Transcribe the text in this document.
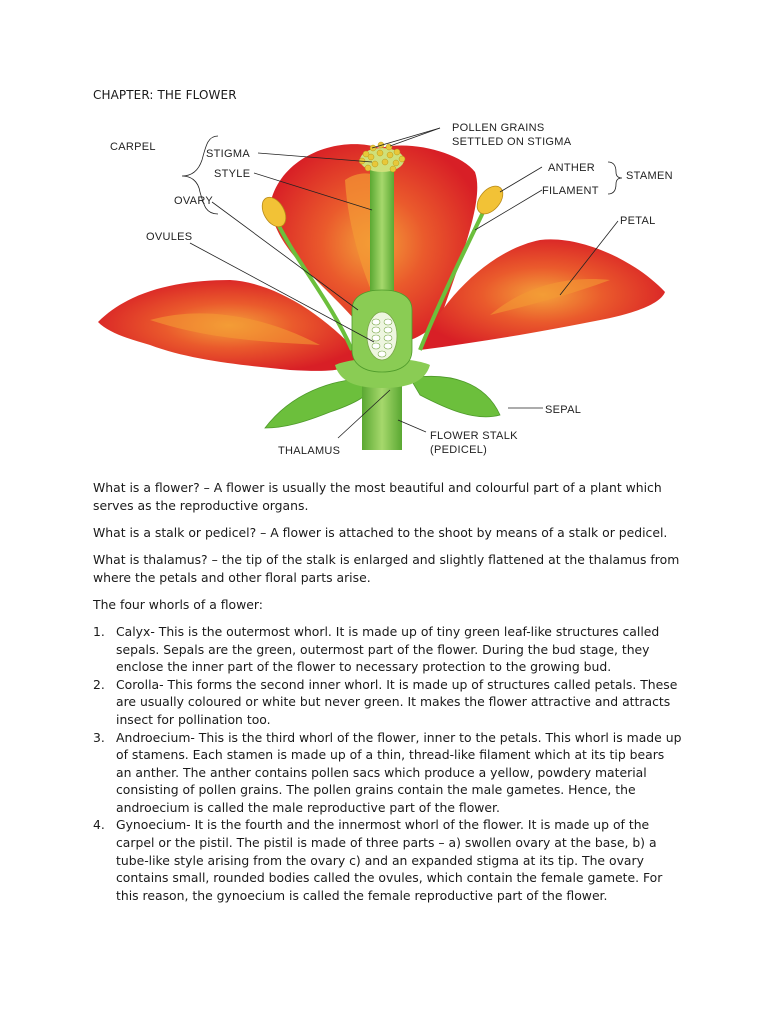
CHAPTER: THE FLOWER
CARPEL
STIGMA
STYLE
OVARY
OVULES
POLLEN GRAINS
SETTLED ON STIGMA
ANTHER
FILAMENT
STAMEN
PETAL
SEPAL
THALAMUS
FLOWER STALK
(PEDICEL)

What is a flower? – A flower is usually the most beautiful and colourful part of a plant which serves as the reproductive organs.

What is a stalk or pedicel? – A flower is attached to the shoot by means of a stalk or pedicel.

What is thalamus? – the tip of the stalk is enlarged and slightly flattened at the thalamus from where the petals and other floral parts arise.

The four whorls of a flower:

1. Calyx- This is the outermost whorl. It is made up of tiny green leaf-like structures called sepals. Sepals are the green, outermost part of the flower. During the bud stage, they enclose the inner part of the flower to necessary protection to the growing bud.
2. Corolla- This forms the second inner whorl. It is made up of structures called petals. These are usually coloured or white but never green. It makes the flower attractive and attracts insect for pollination too.
3. Androecium- This is the third whorl of the flower, inner to the petals. This whorl is made up of stamens. Each stamen is made up of a thin, thread-like filament which at its tip bears an anther. The anther contains pollen sacs which produce a yellow, powdery material consisting of pollen grains. The pollen grains contain the male gametes. Hence, the androecium is called the male reproductive part of the flower.
4. Gynoecium- It is the fourth and the innermost whorl of the flower. It is made up of the carpel or the pistil. The pistil is made of three parts – a) swollen ovary at the base, b) a tube-like style arising from the ovary c) and an expanded stigma at its tip. The ovary contains small, rounded bodies called the ovules, which contain the female gamete. For this reason, the gynoecium is called the female reproductive part of the flower.
